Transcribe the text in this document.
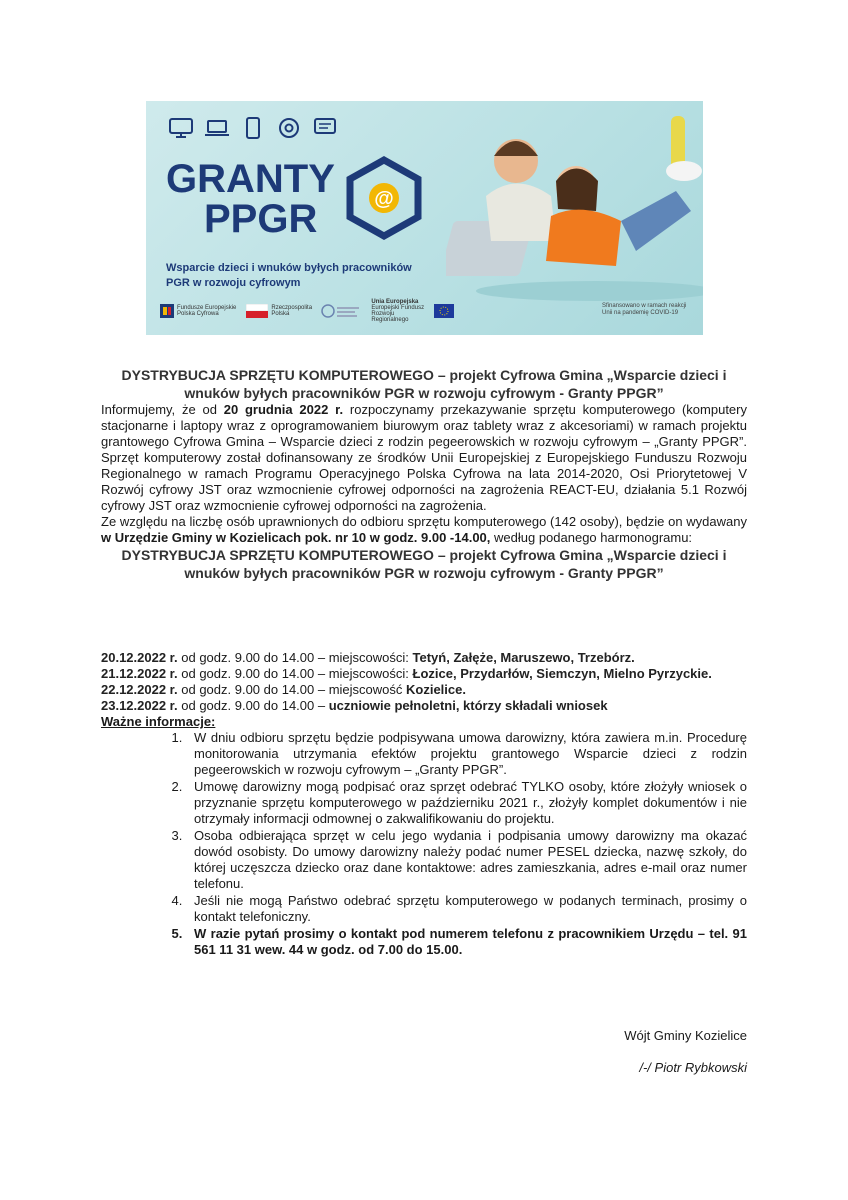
GRANTY
PPGR	@
Wsparcie dzieci i wnuków byłych pracowników PGR w rozwoju cyfrowym
Fundusze Europejskie
Polska Cyfrowa
Rzeczpospolita Polska
Unia Europejska
Europejski Fundusz Rozwoju Regionalnego
Sfinansowano w ramach reakcji Unii na pandemię COVID-19
DYSTRYBUCJA SPRZĘTU KOMPUTEROWEGO – projekt Cyfrowa Gmina „Wsparcie dzieci i wnuków byłych pracowników PGR w rozwoju cyfrowym - Granty PPGR”
Informujemy, że od 20 grudnia 2022 r. rozpoczynamy przekazywanie sprzętu komputerowego (komputery stacjonarne i laptopy wraz z oprogramowaniem biurowym oraz tablety wraz z akcesoriami) w ramach projektu grantowego Cyfrowa Gmina – Wsparcie dzieci z rodzin pegeerowskich w rozwoju cyfrowym – „Granty PPGR”. Sprzęt komputerowy został dofinansowany ze środków Unii Europejskiej z Europejskiego Funduszu Rozwoju Regionalnego w ramach Programu Operacyjnego Polska Cyfrowa na lata 2014-2020, Osi Priorytetowej V Rozwój cyfrowy JST oraz wzmocnienie cyfrowej odporności na zagrożenia REACT-EU, działania 5.1 Rozwój cyfrowy JST oraz wzmocnienie cyfrowej odporności na zagrożenia.
Ze względu na liczbę osób uprawnionych do odbioru sprzętu komputerowego (142 osoby), będzie on wydawany w Urzędzie Gminy w Kozielicach pok. nr 10 w godz. 9.00 -14.00, według podanego harmonogramu:
DYSTRYBUCJA SPRZĘTU KOMPUTEROWEGO – projekt Cyfrowa Gmina „Wsparcie dzieci i wnuków byłych pracowników PGR w rozwoju cyfrowym - Granty PPGR”
20.12.2022 r. od godz. 9.00 do 14.00 – miejscowości: Tetyń, Załęże, Maruszewo, Trzebórz.
21.12.2022 r. od godz. 9.00 do 14.00 – miejscowości: Łozice, Przydarłów, Siemczyn, Mielno Pyrzyckie.
22.12.2022 r. od godz. 9.00 do 14.00 – miejscowość Kozielice.
23.12.2022 r. od godz. 9.00 do 14.00 – uczniowie pełnoletni, którzy składali wniosek
Ważne informacje:
1. W dniu odbioru sprzętu będzie podpisywana umowa darowizny, która zawiera m.in. Procedurę monitorowania utrzymania efektów projektu grantowego Wsparcie dzieci z rodzin pegeerowskich w rozwoju cyfrowym – „Granty PPGR”.
2. Umowę darowizny mogą podpisać oraz sprzęt odebrać TYLKO osoby, które złożyły wniosek o przyznanie sprzętu komputerowego w październiku 2021 r., złożyły komplet dokumentów i nie otrzymały informacji odmownej o zakwalifikowaniu do projektu.
3. Osoba odbierająca sprzęt w celu jego wydania i podpisania umowy darowizny ma okazać dowód osobisty. Do umowy darowizny należy podać numer PESEL dziecka, nazwę szkoły, do której uczęszcza dziecko oraz dane kontaktowe: adres zamieszkania, adres e-mail oraz numer telefonu.
4. Jeśli nie mogą Państwo odebrać sprzętu komputerowego w podanych terminach, prosimy o kontakt telefoniczny.
5. W razie pytań prosimy o kontakt pod numerem telefonu z pracownikiem Urzędu – tel. 91 561 11 31 wew. 44 w godz. od 7.00 do 15.00.
Wójt Gminy Kozielice
/-/ Piotr Rybkowski
